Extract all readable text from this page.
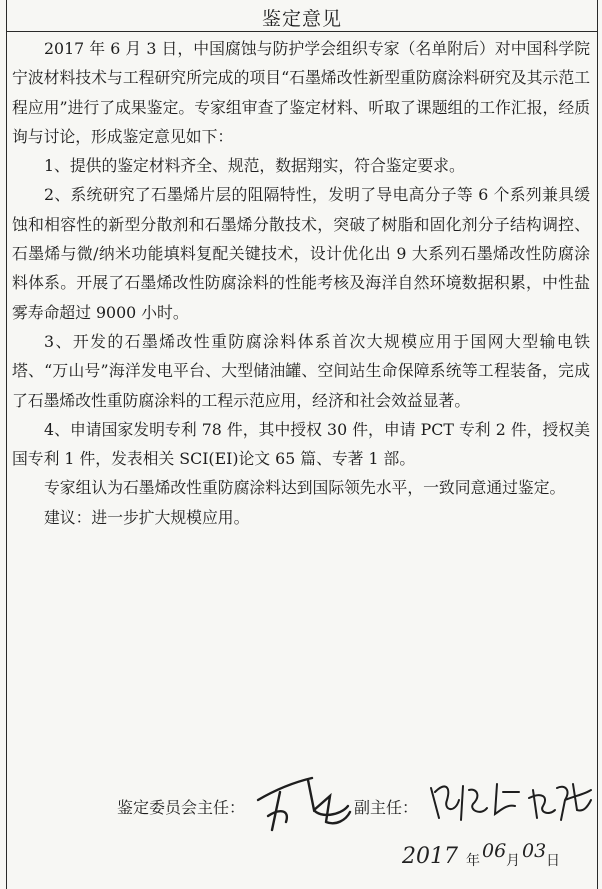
鉴定意见

2017 年 6 月 3 日，中国腐蚀与防护学会组织专家（名单附后）对中国科学院宁波材料技术与工程研究所完成的项目“石墨烯改性新型重防腐涂料研究及其示范工程应用”进行了成果鉴定。专家组审查了鉴定材料、听取了课题组的工作汇报，经质询与讨论，形成鉴定意见如下：

1、提供的鉴定材料齐全、规范，数据翔实，符合鉴定要求。

2、系统研究了石墨烯片层的阻隔特性，发明了导电高分子等 6 个系列兼具缓蚀和相容性的新型分散剂和石墨烯分散技术，突破了树脂和固化剂分子结构调控、石墨烯与微/纳米功能填料复配关键技术，设计优化出 9 大系列石墨烯改性防腐涂料体系。开展了石墨烯改性防腐涂料的性能考核及海洋自然环境数据积累，中性盐雾寿命超过 9000 小时。

3、开发的石墨烯改性重防腐涂料体系首次大规模应用于国网大型输电铁塔、“万山号”海洋发电平台、大型储油罐、空间站生命保障系统等工程装备，完成了石墨烯改性重防腐涂料的工程示范应用，经济和社会效益显著。

4、申请国家发明专利 78 件，其中授权 30 件，申请 PCT 专利 2 件，授权美国专利 1 件，发表相关 SCI(EI)论文 65 篇、专著 1 部。

专家组认为石墨烯改性重防腐涂料达到国际领先水平，一致同意通过鉴定。

建议：进一步扩大规模应用。

鉴定委员会主任：	副主任：
2017 年 06 月 03 日
